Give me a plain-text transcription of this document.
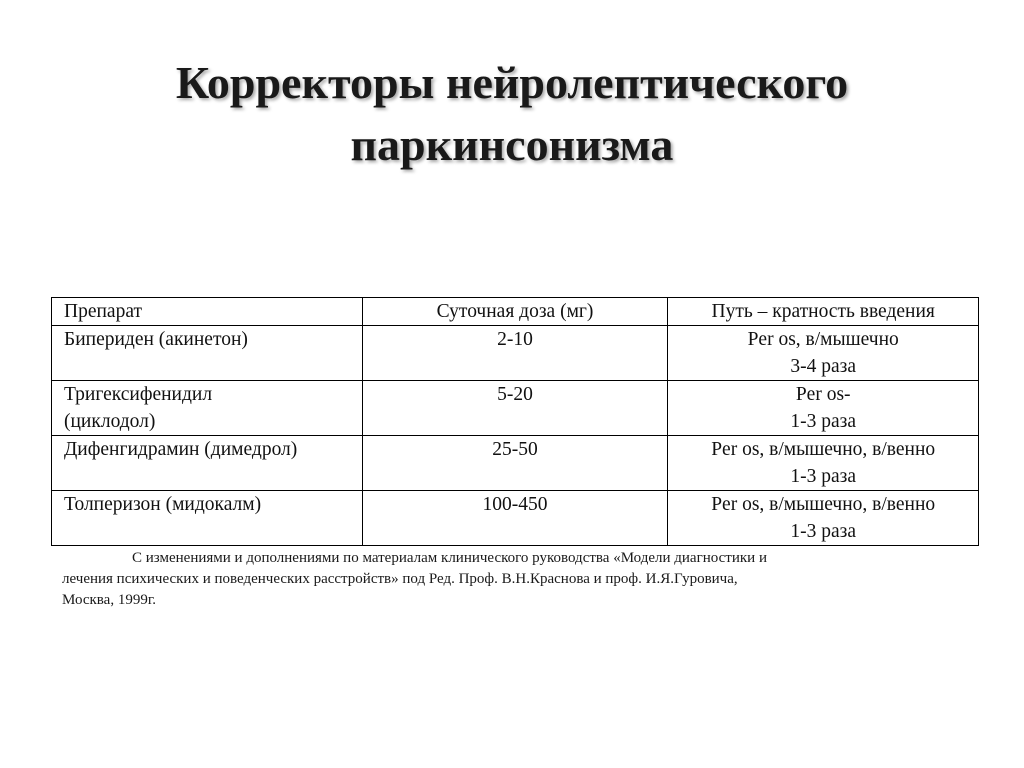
Корректоры нейролептического
паркинсонизма
Препарат	Суточная доза (мг)	Путь – кратность введения

Бипериден (акинетон)	2-10	Per os, в/мышечно
3-4 раза

Тригексифенидил
(циклодол)	5-20	Per os-
1-3 раза

Дифенгидрамин (димедрол)	25-50	Per os, в/мышечно, в/венно
1-3 раза

Толперизон (мидокалм)	100-450	Per os, в/мышечно, в/венно
1-3 раза

С изменениями и дополнениями по материалам клинического руководства «Модели диагностики и
лечения психических и поведенческих расстройств» под Ред. Проф. В.Н.Краснова и проф. И.Я.Гуровича,
Москва, 1999г.
